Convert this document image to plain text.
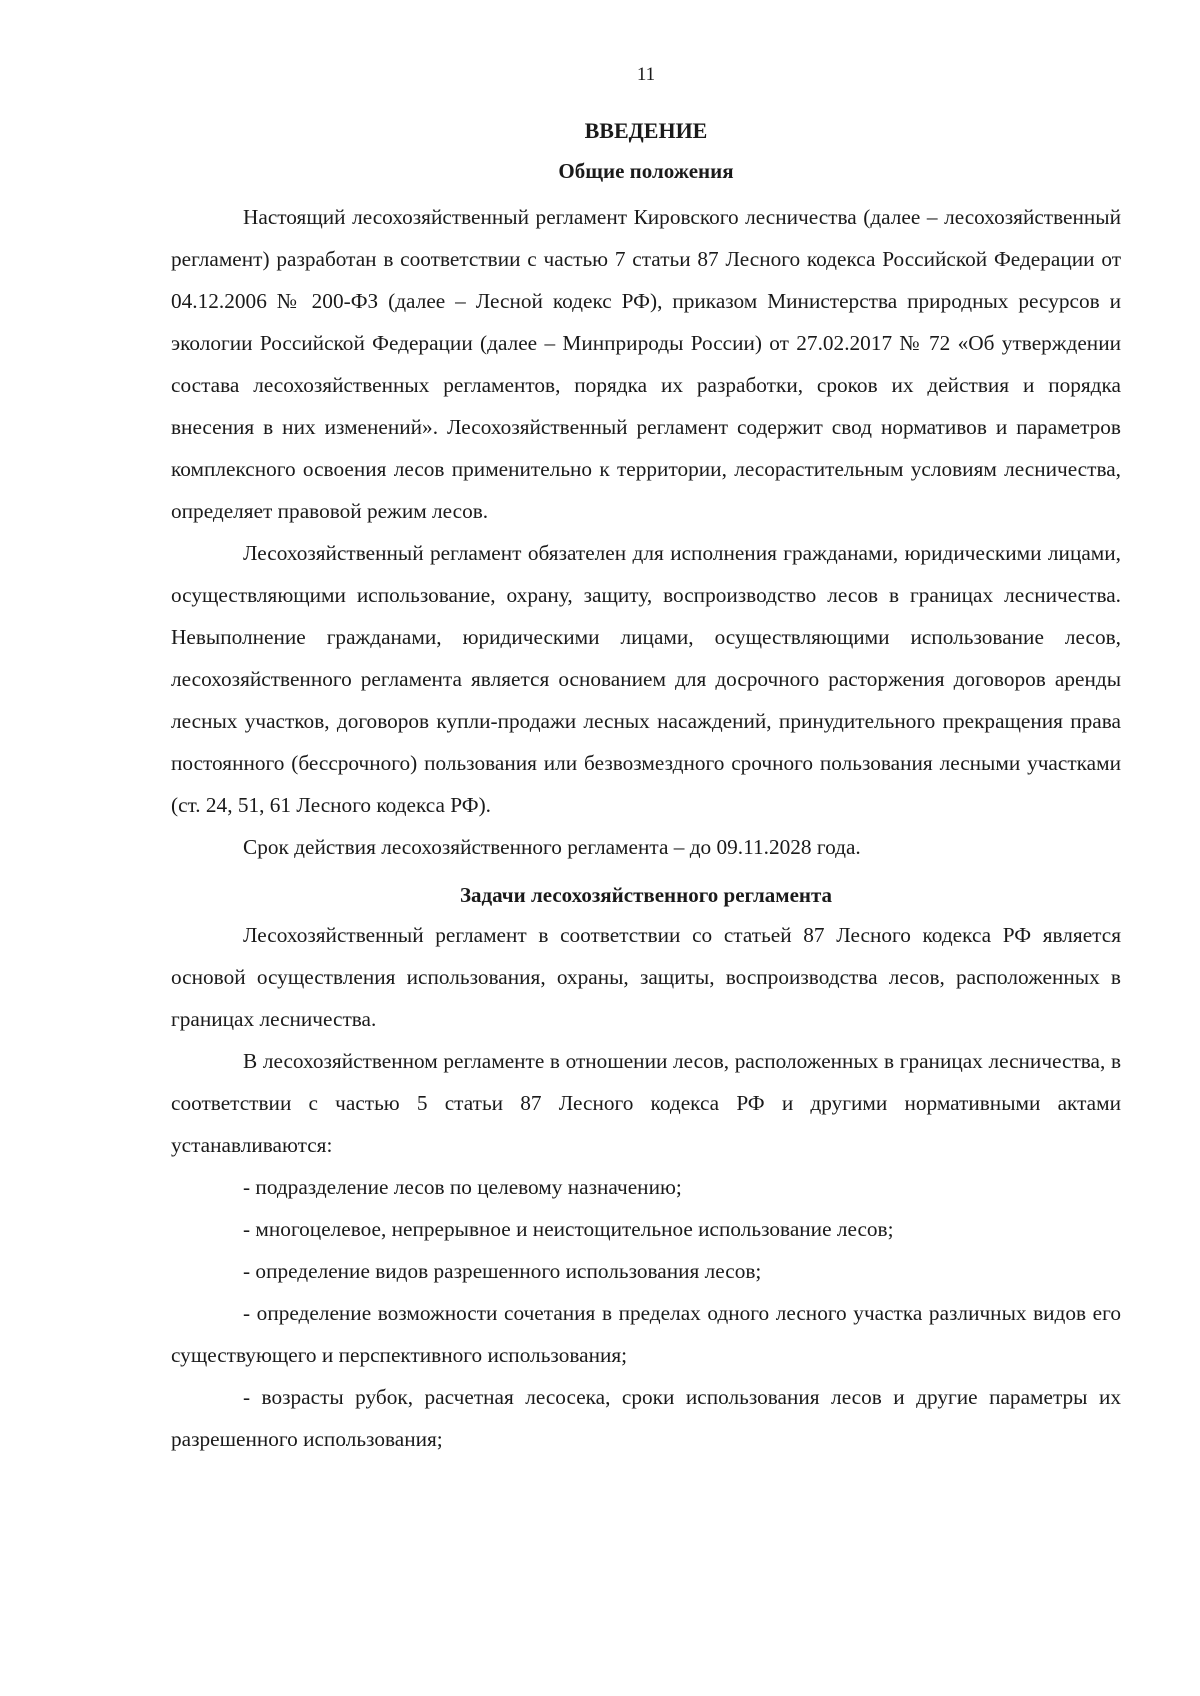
11
ВВЕДЕНИЕ
Общие положения

Настоящий лесохозяйственный регламент Кировского лесничества (далее – лесохозяйственный регламент) разработан в соответствии с частью 7 статьи 87 Лесного кодекса Российской Федерации от 04.12.2006 № 200-ФЗ (далее – Лесной кодекс РФ), приказом Министерства природных ресурсов и экологии Российской Федерации (далее – Минприроды России) от 27.02.2017 № 72 «Об утверждении состава лесохозяйственных регламентов, порядка их разработки, сроков их действия и порядка внесения в них изменений». Лесохозяйственный регламент содержит свод нормативов и параметров комплексного освоения лесов применительно к территории, лесорастительным условиям лесничества, определяет правовой режим лесов.

Лесохозяйственный регламент обязателен для исполнения гражданами, юридическими лицами, осуществляющими использование, охрану, защиту, воспроизводство лесов в границах лесничества. Невыполнение гражданами, юридическими лицами, осуществляющими использование лесов, лесохозяйственного регламента является основанием для досрочного расторжения договоров аренды лесных участков, договоров купли-продажи лесных насаждений, принудительного прекращения права постоянного (бессрочного) пользования или безвозмездного срочного пользования лесными участками (ст. 24, 51, 61 Лесного кодекса РФ).

Срок действия лесохозяйственного регламента – до 09.11.2028 года.

Задачи лесохозяйственного регламента

Лесохозяйственный регламент в соответствии со статьей 87 Лесного кодекса РФ является основой осуществления использования, охраны, защиты, воспроизводства лесов, расположенных в границах лесничества.

В лесохозяйственном регламенте в отношении лесов, расположенных в границах лесничества, в соответствии с частью 5 статьи 87 Лесного кодекса РФ и другими нормативными актами устанавливаются:

- подразделение лесов по целевому назначению;

- многоцелевое, непрерывное и неистощительное использование лесов;

- определение видов разрешенного использования лесов;

- определение возможности сочетания в пределах одного лесного участка различных видов его существующего и перспективного использования;

- возрасты рубок, расчетная лесосека, сроки использования лесов и другие параметры их разрешенного использования;
